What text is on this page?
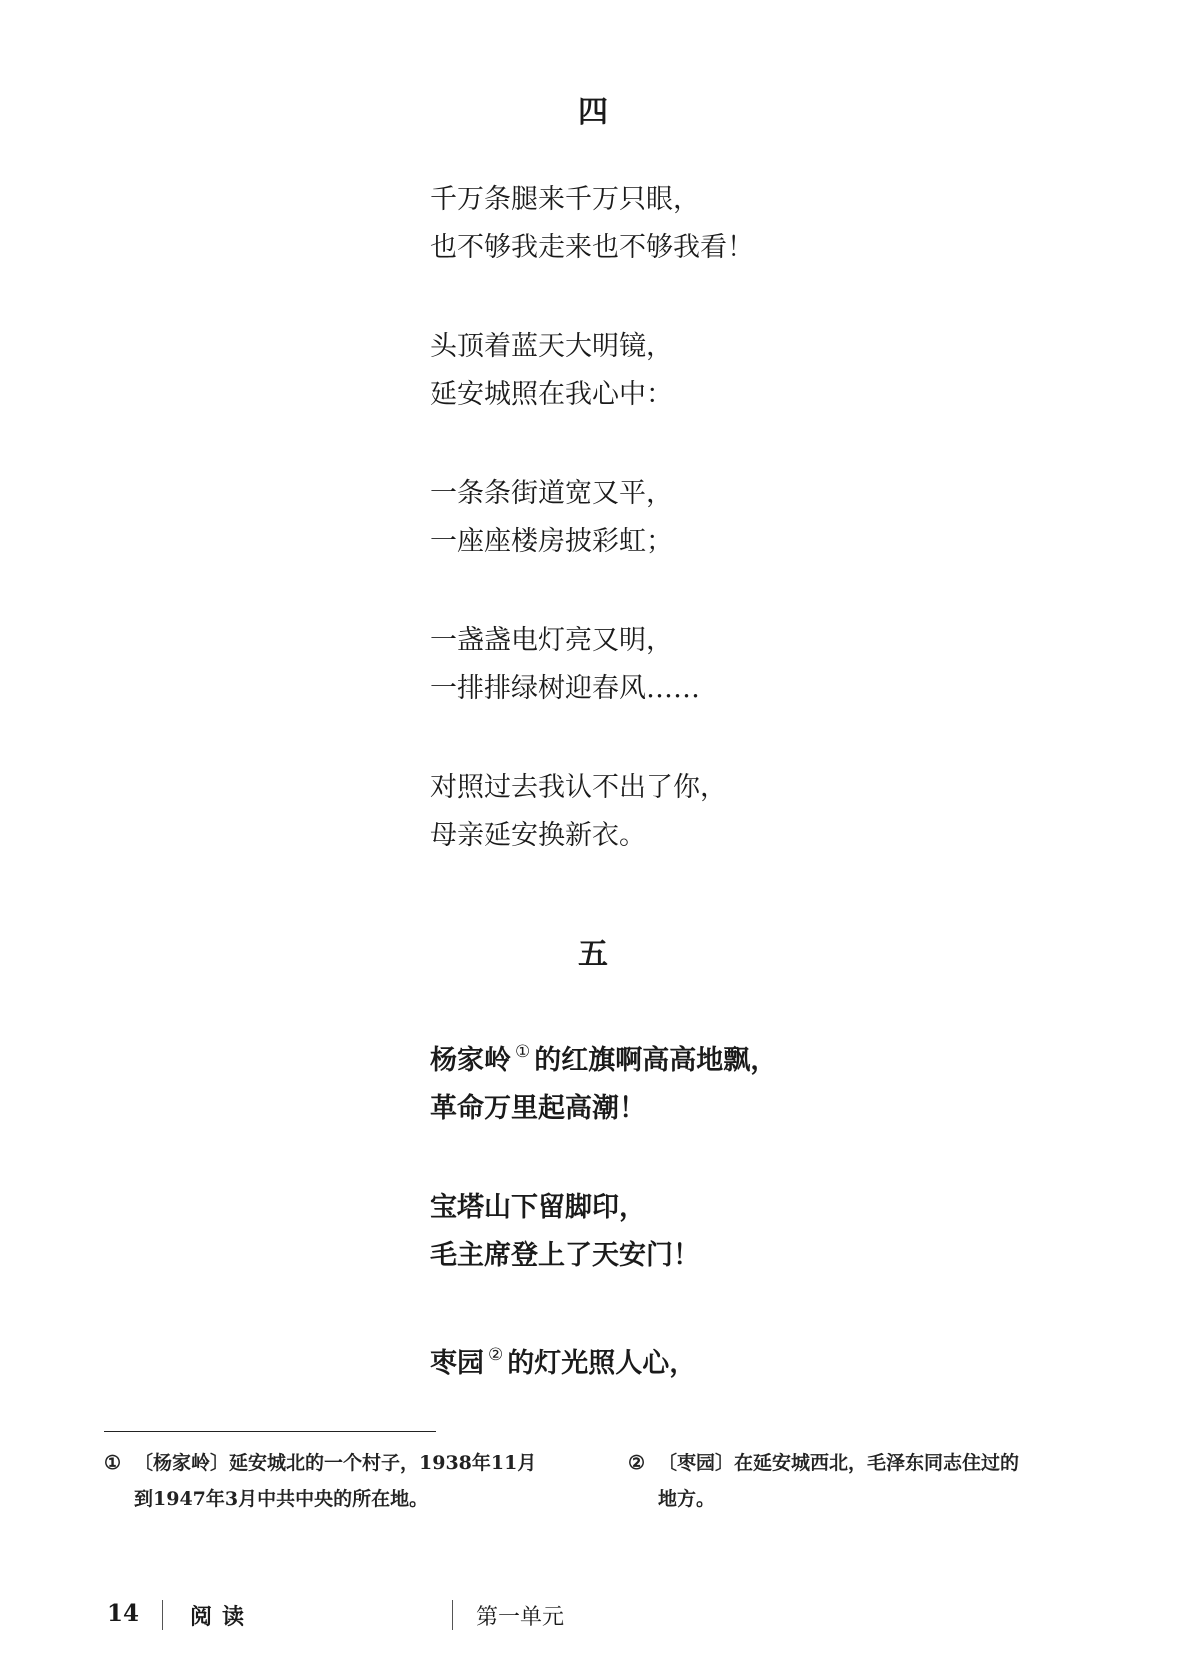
四

千万条腿来千万只眼，
也不够我走来也不够我看！

头顶着蓝天大明镜，
延安城照在我心中：

一条条街道宽又平，
一座座楼房披彩虹；

一盏盏电灯亮又明，
一排排绿树迎春风……

对照过去我认不出了你，
母亲延安换新衣。

五

杨家岭 ① 的红旗啊高高地飘，
革命万里起高潮！

宝塔山下留脚印，
毛主席登上了天安门！

枣园 ② 的灯光照人心，

① 〔杨家岭〕延安城北的一个村子，1938年11月
到1947年3月中共中央的所在地。
② 〔枣园〕在延安城西北，毛泽东同志住过的
地方。
14 阅读	第一单元
